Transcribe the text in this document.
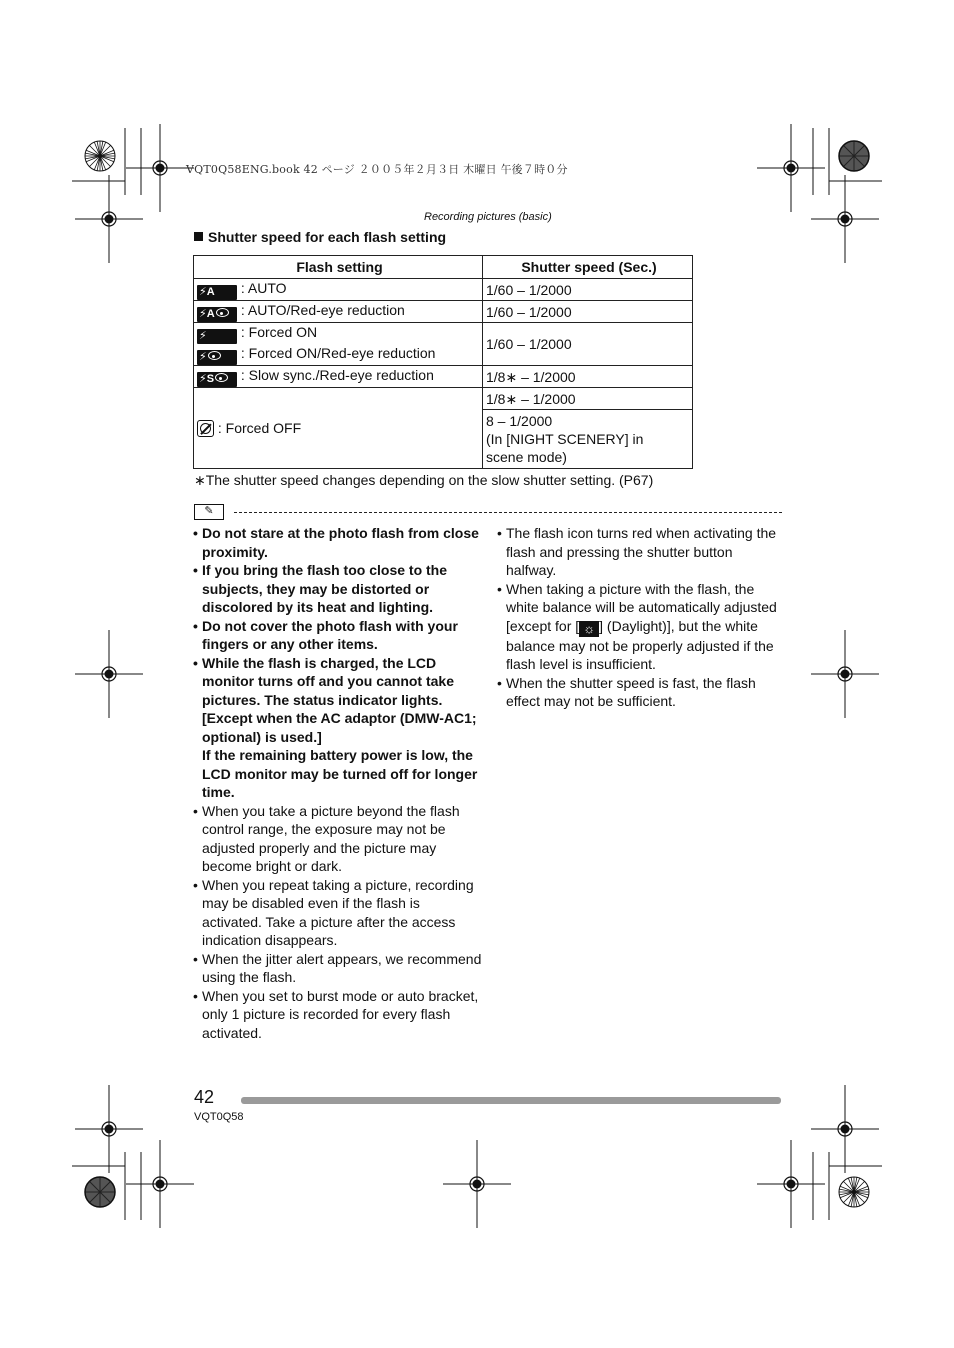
VQT0Q58ENG.book 42 ページ ２００５年２月３日 木曜日 午後７時０分
Recording pictures (basic)
Shutter speed for each flash setting
Flash setting	Shutter speed (Sec.)
⚡A : AUTO	1/60 – 1/2000
⚡A : AUTO/Red-eye reduction	1/60 – 1/2000

⚡ : Forced ON
⚡ : Forced ON/Red-eye reduction	1/60 – 1/2000
⚡S : Slow sync./Red-eye reduction	1/8∗ – 1/2000
: Forced OFF	1/8∗ – 1/2000

	8 – 1/2000
(In [NIGHT SCENERY] in
scene mode)
∗The shutter speed changes depending on the slow shutter setting. (P67)
✎
• Do not stare at the photo flash from close proximity.
• If you bring the flash too close to the subjects, they may be distorted or discolored by its heat and lighting.
• Do not cover the photo flash with your fingers or any other items.
• While the flash is charged, the LCD monitor turns off and you cannot take pictures. The status indicator lights.
[Except when the AC adaptor (DMW-AC1; optional) is used.]
If the remaining battery power is low, the LCD monitor may be turned off for longer time.
• When you take a picture beyond the flash control range, the exposure may not be adjusted properly and the picture may become bright or dark.
• When you repeat taking a picture, recording may be disabled even if the flash is activated. Take a picture after the access indication disappears.
• When the jitter alert appears, we recommend using the flash.
• When you set to burst mode or auto bracket, only 1 picture is recorded for every flash activated.
• The flash icon turns red when activating the flash and pressing the shutter button halfway.
• When taking a picture with the flash, the white balance will be automatically adjusted [except for [ ☼ ] (Daylight)], but the white balance may not be properly adjusted if the flash level is insufficient.
• When the shutter speed is fast, the flash effect may not be sufficient.
42
VQT0Q58
